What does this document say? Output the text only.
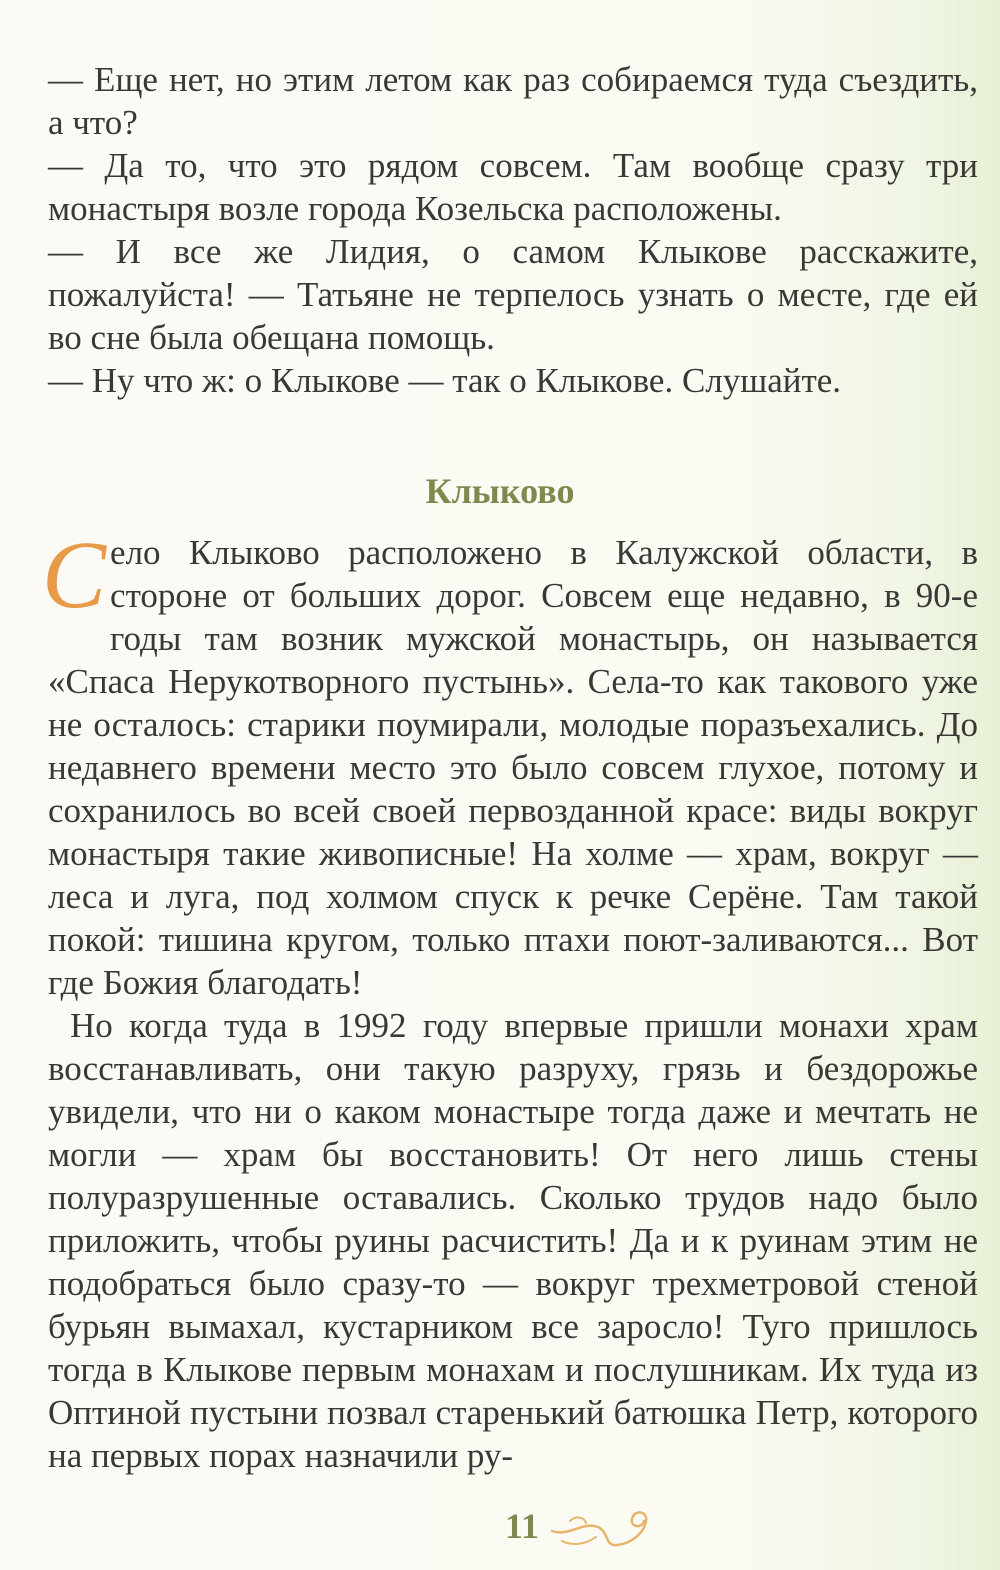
— Еще нет, но этим летом как раз собираемся туда съездить, а что?

— Да то, что это рядом совсем. Там вообще сразу три монастыря возле города Козельска расположены.

— И все же Лидия, о самом Клыкове расскажите, пожалуйста! — Татьяне не терпелось узнать о месте, где ей во сне была обещана помощь.

— Ну что ж: о Клыкове — так о Клыкове. Слушайте.

Клыково

Село Клыково расположено в Калужской области, в стороне от больших дорог. Совсем еще недавно, в 90-е годы там возник мужской монастырь, он называется «Спаса Нерукотворного пустынь». Села-то как такового уже не осталось: старики поумирали, молодые поразъехались. До недавнего времени место это было совсем глухое, потому и сохранилось во всей своей первозданной красе: виды вокруг монастыря такие живописные! На холме — храм, вокруг — леса и луга, под холмом спуск к речке Серёне. Там такой покой: тишина кругом, только птахи поют-заливаются... Вот где Божия благодать!

Но когда туда в 1992 году впервые пришли монахи храм восстанавливать, они такую разруху, грязь и бездорожье увидели, что ни о каком монастыре тогда даже и мечтать не могли — храм бы восстановить! От него лишь стены полуразрушенные оставались. Сколько трудов надо было приложить, чтобы руины расчистить! Да и к руинам этим не подобраться было сразу-то — вокруг трехметровой стеной бурьян вымахал, кустарником все заросло! Туго пришлось тогда в Клыкове первым монахам и послушникам. Их туда из Оптиной пустыни позвал старенький батюшка Петр, которого на первых порах назначили ру-

11
